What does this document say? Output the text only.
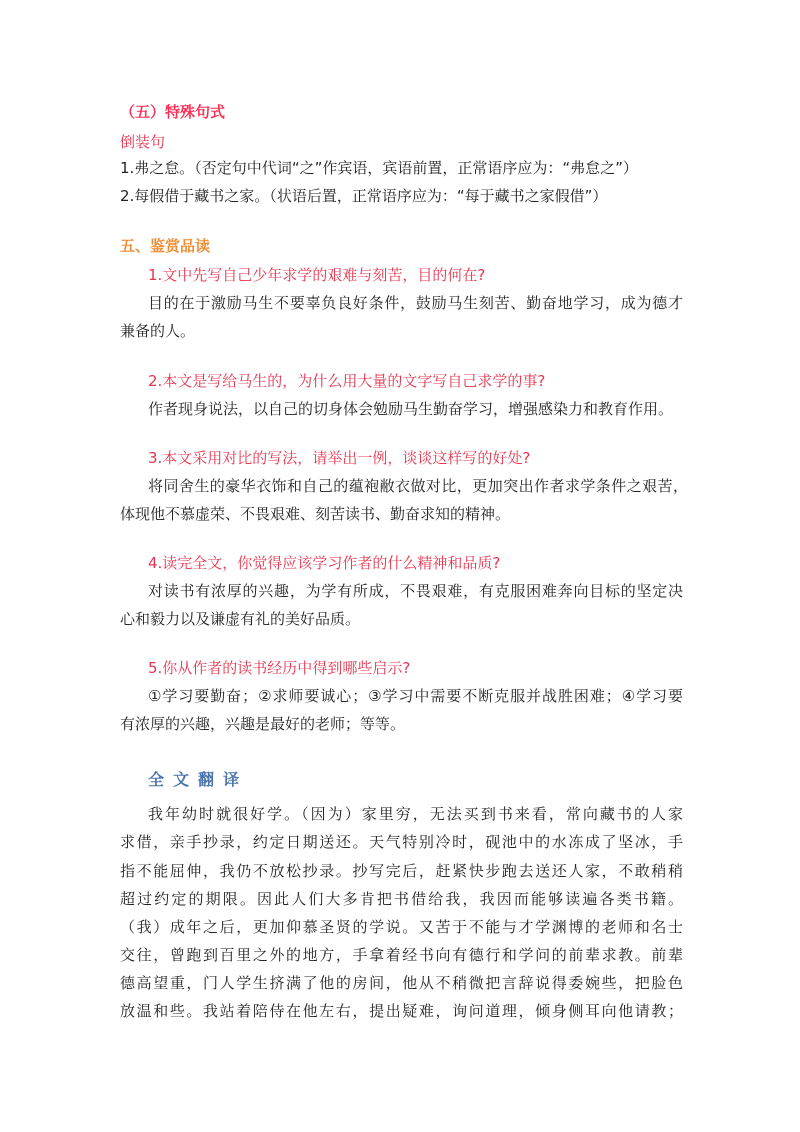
（五）特殊句式
倒装句
1.弗之怠。（否定句中代词“之”作宾语，宾语前置，正常语序应为：“弗怠之”）
2.每假借于藏书之家。（状语后置，正常语序应为：“每于藏书之家假借”）
五、鉴赏品读
1.文中先写自己少年求学的艰难与刻苦，目的何在?
目的在于激励马生不要辜负良好条件，鼓励马生刻苦、勤奋地学习，成为德才
兼备的人。
2.本文是写给马生的，为什么用大量的文字写自己求学的事?
作者现身说法，以自己的切身体会勉励马生勤奋学习，增强感染力和教育作用。
3.本文采用对比的写法，请举出一例，谈谈这样写的好处?
将同舍生的豪华衣饰和自己的蕴袍敝衣做对比，更加突出作者求学条件之艰苦，
体现他不慕虚荣、不畏艰难、刻苦读书、勤奋求知的精神。
4.读完全文，你觉得应该学习作者的什么精神和品质?
对读书有浓厚的兴趣，为学有所成，不畏艰难，有克服困难奔向目标的坚定决
心和毅力以及谦虚有礼的美好品质。
5.你从作者的读书经历中得到哪些启示?
①学习要勤奋；②求师要诚心；③学习中需要不断克服并战胜困难；④学习要
有浓厚的兴趣，兴趣是最好的老师；等等。
全文翻译
我年幼时就很好学。（因为）家里穷，无法买到书来看，常向藏书的人家
求借，亲手抄录，约定日期送还。天气特别冷时，砚池中的水冻成了坚冰，手
指不能屈伸，我仍不放松抄录。抄写完后，赶紧快步跑去送还人家，不敢稍稍
超过约定的期限。因此人们大多肯把书借给我，我因而能够读遍各类书籍。
（我）成年之后，更加仰慕圣贤的学说。又苦于不能与才学渊博的老师和名士
交往，曾跑到百里之外的地方，手拿着经书向有德行和学问的前辈求教。前辈
德高望重，门人学生挤满了他的房间，他从不稍微把言辞说得委婉些，把脸色
放温和些。我站着陪侍在他左右，提出疑难，询问道理，倾身侧耳向他请教；
